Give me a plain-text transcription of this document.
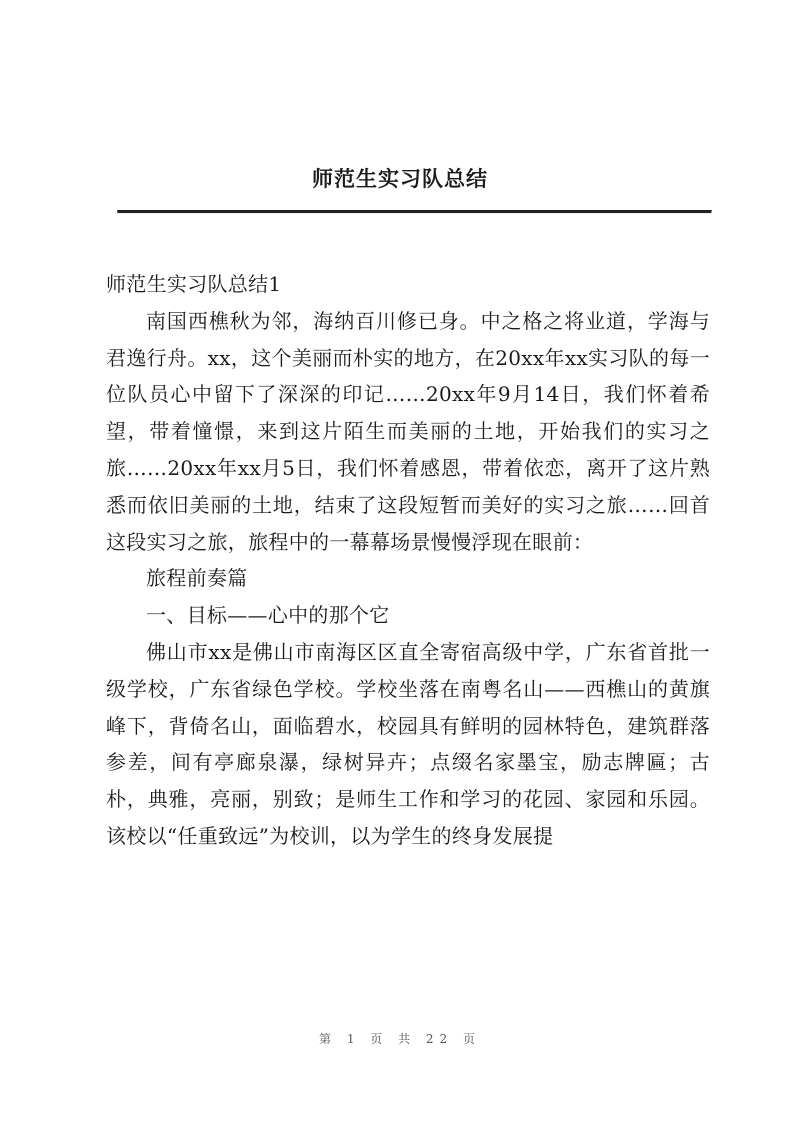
师范生实习队总结

师范生实习队总结1

南国西樵秋为邻，海纳百川修已身。中之格之将业道，学海与君逸行舟。xx，这个美丽而朴实的地方，在20xx年xx实习队的每一位队员心中留下了深深的印记……20xx年9月14日，我们怀着希望，带着憧憬，来到这片陌生而美丽的土地，开始我们的实习之旅……20xx年xx月5日，我们怀着感恩，带着依恋，离开了这片熟悉而依旧美丽的土地，结束了这段短暂而美好的实习之旅……回首这段实习之旅，旅程中的一幕幕场景慢慢浮现在眼前：

旅程前奏篇

一、目标——心中的那个它

佛山市xx是佛山市南海区区直全寄宿高级中学，广东省首批一级学校，广东省绿色学校。学校坐落在南粤名山——西樵山的黄旗峰下，背倚名山，面临碧水，校园具有鲜明的园林特色，建筑群落参差，间有亭廊泉瀑，绿树异卉；点缀名家墨宝，励志牌匾；古朴，典雅，亮丽，别致；是师生工作和学习的花园、家园和乐园。该校以“任重致远”为校训，以为学生的终身发展提

第 1 页 共 22 页
